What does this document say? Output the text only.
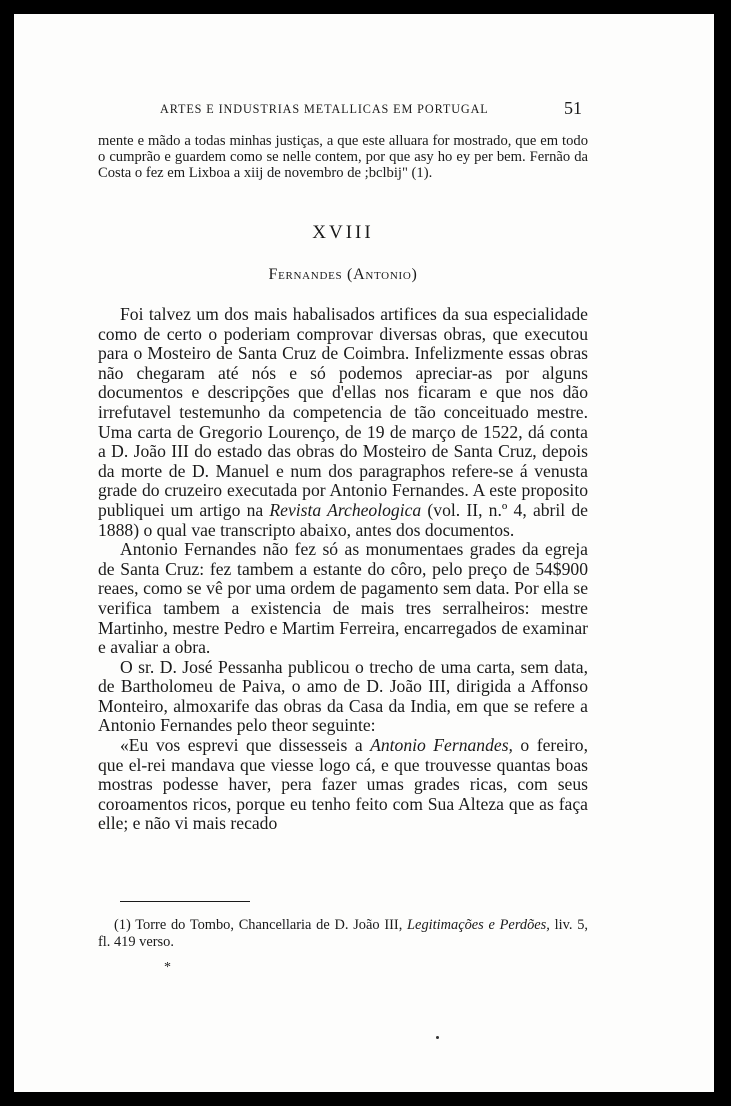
ARTES E INDUSTRIAS METALLICAS EM PORTUGAL	51

mente e mãdo a todas minhas justiças, a que este alluara for mostrado, que em todo o cumprão e guardem como se nelle contem, por que asy ho ey per bem. Fernão da Costa o fez em Lixboa a xiij de novembro de ;bclbij" (1).

XVIII
Fernandes (Antonio)

Foi talvez um dos mais habalisados artifices da sua especialidade como de certo o poderiam comprovar diversas obras, que executou para o Mosteiro de Santa Cruz de Coimbra. Infelizmente essas obras não chegaram até nós e só podemos apreciar-as por alguns documentos e descripções que d'ellas nos ficaram e que nos dão irrefutavel testemunho da competencia de tão conceituado mestre. Uma carta de Gregorio Lourenço, de 19 de março de 1522, dá conta a D. João III do estado das obras do Mosteiro de Santa Cruz, depois da morte de D. Manuel e num dos paragraphos refere-se á venusta grade do cruzeiro executada por Antonio Fernandes. A este proposito publiquei um artigo na Revista Archeologica (vol. II, n.º 4, abril de 1888) o qual vae transcripto abaixo, antes dos documentos.

Antonio Fernandes não fez só as monumentaes grades da egreja de Santa Cruz: fez tambem a estante do côro, pelo preço de 54$900 reaes, como se vê por uma ordem de pagamento sem data. Por ella se verifica tambem a existencia de mais tres serralheiros: mestre Martinho, mestre Pedro e Martim Ferreira, encarregados de examinar e avaliar a obra.

O sr. D. José Pessanha publicou o trecho de uma carta, sem data, de Bartholomeu de Paiva, o amo de D. João III, dirigida a Affonso Monteiro, almoxarife das obras da Casa da India, em que se refere a Antonio Fernandes pelo theor seguinte:

«Eu vos esprevi que dissesseis a Antonio Fernandes, o fereiro, que el-rei mandava que viesse logo cá, e que trouvesse quantas boas mostras podesse haver, pera fazer umas grades ricas, com seus coroamentos ricos, porque eu tenho feito com Sua Alteza que as faça elle; e não vi mais recado

(1) Torre do Tombo, Chancellaria de D. João III, Legitimações e Perdões, liv. 5, fl. 419 verso.

*
